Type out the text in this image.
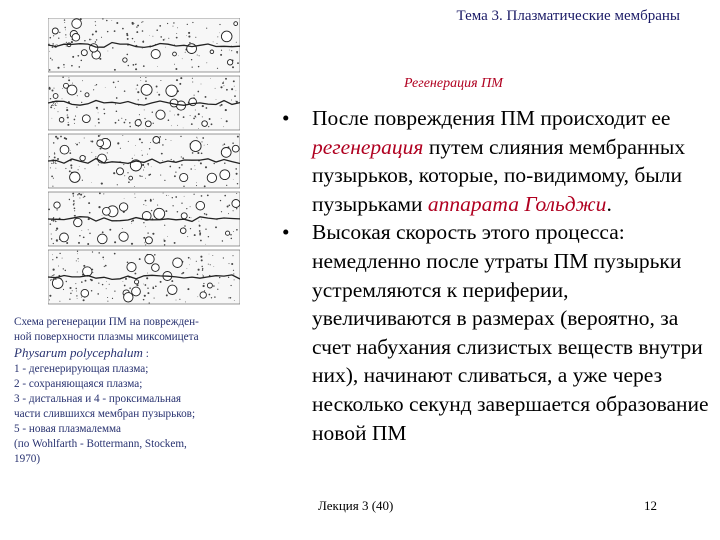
Тема 3. Плазматические мембраны
1c
2c
3c
4c
5c
Регенерация ПМ
Схема регенерации ПМ на поврежден-
ной поверхности плазмы миксомицета
Physarum polycephalum :
1 - дегенерирующая плазма;
2 - сохраняющаяся плазма;
3 - дистальная и 4 - проксимальная
части слившихся мембран пузырьков;
5 - новая плазмалемма
(по Wohlfarth - Bottermann, Stockem,
1970)
• После повреждения ПМ происходит ее регенерация путем слияния мембранных пузырьков, которые, по-видимому, были пузырьками аппарата Гольджи.
• Высокая скорость этого процесса: немедленно после утраты ПМ пузырьки устремляются к периферии, увеличиваются в размерах (вероятно, за счет набухания слизистых веществ внутри них), начинают сливаться, а уже через несколько секунд завершается образование новой ПМ
Лекция 3 (40)	12
